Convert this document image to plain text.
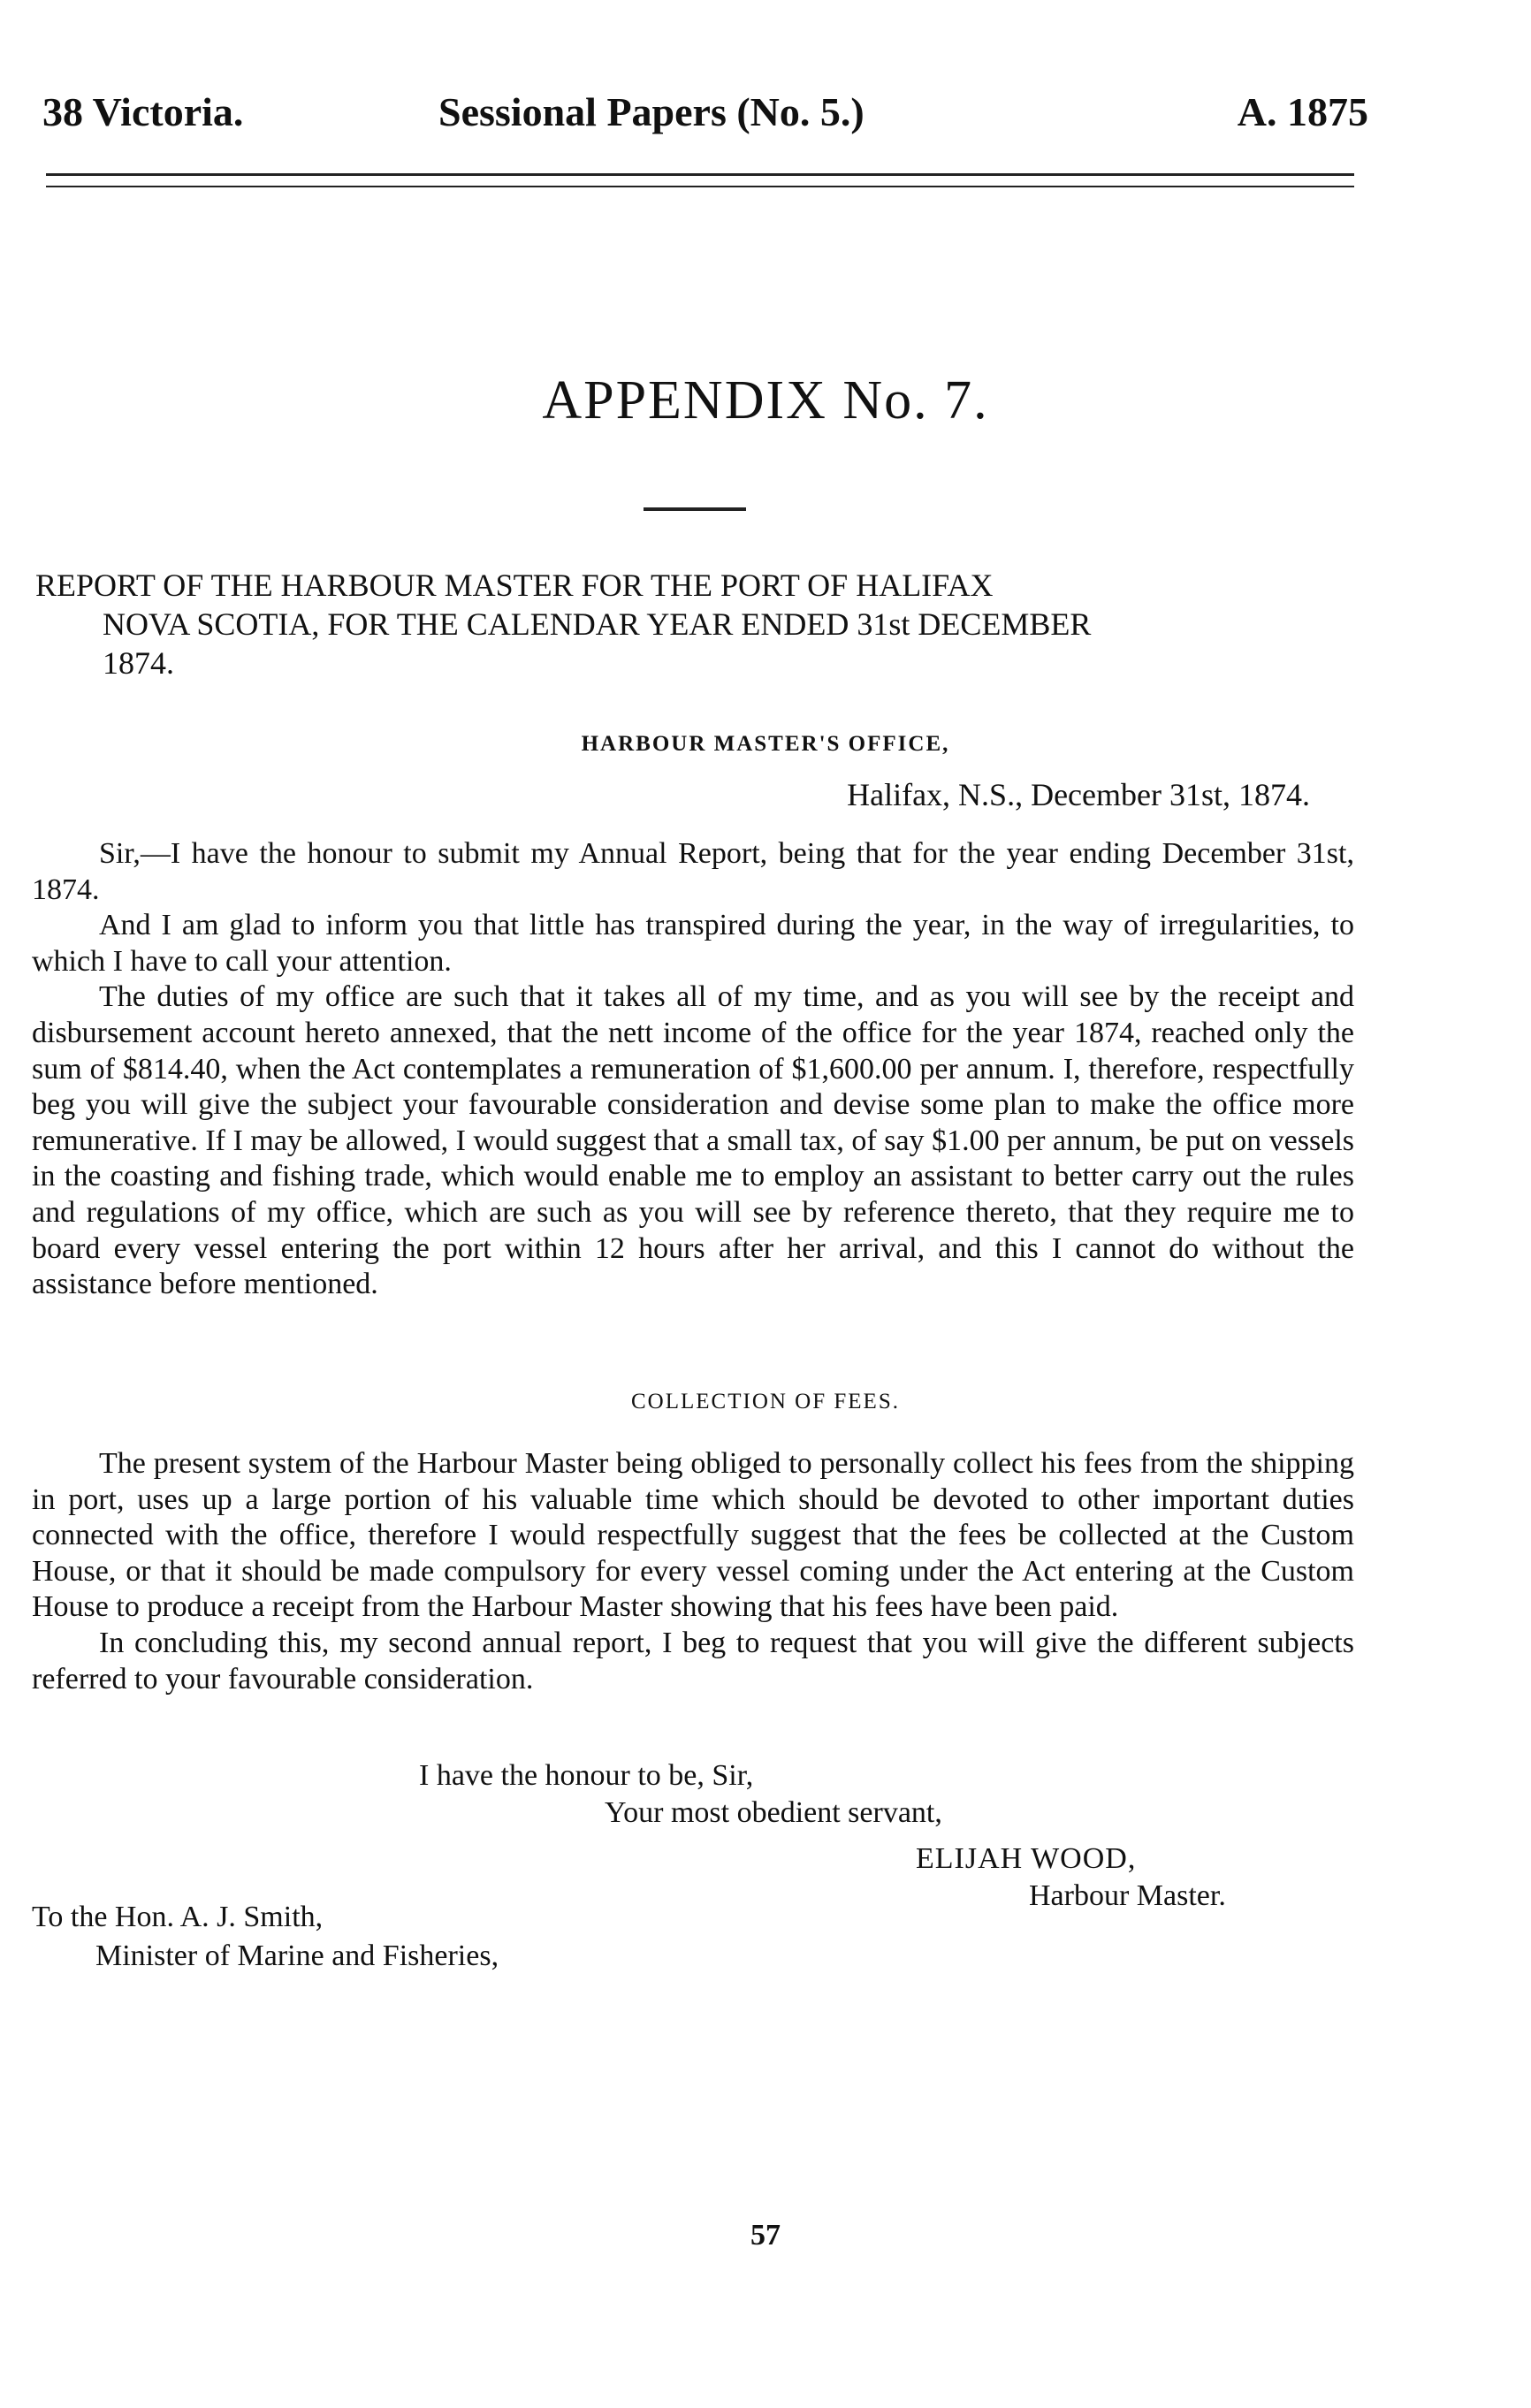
38 Victoria.	Sessional Papers (No. 5.)	A. 1875
APPENDIX No. 7.
REPORT OF THE HARBOUR MASTER FOR THE PORT OF HALIFAX
NOVA SCOTIA, FOR THE CALENDAR YEAR ENDED 31st DECEMBER
1874.
HARBOUR MASTER'S OFFICE,
Halifax, N.S., December 31st, 1874.

Sir,—I have the honour to submit my Annual Report, being that for the year ending December 31st, 1874.

And I am glad to inform you that little has transpired during the year, in the way of irregularities, to which I have to call your attention.

The duties of my office are such that it takes all of my time, and as you will see by the receipt and disbursement account hereto annexed, that the nett income of the office for the year 1874, reached only the sum of $814.40, when the Act contemplates a remuneration of $1,600.00 per annum. I, therefore, respectfully beg you will give the subject your favourable consideration and devise some plan to make the office more remunerative. If I may be allowed, I would suggest that a small tax, of say $1.00 per annum, be put on vessels in the coasting and fishing trade, which would enable me to employ an assistant to better carry out the rules and regulations of my office, which are such as you will see by reference thereto, that they require me to board every vessel entering the port within 12 hours after her arrival, and this I cannot do without the assistance before mentioned.

COLLECTION OF FEES.

The present system of the Harbour Master being obliged to personally collect his fees from the shipping in port, uses up a large portion of his valuable time which should be devoted to other important duties connected with the office, therefore I would respectfully suggest that the fees be collected at the Custom House, or that it should be made compulsory for every vessel coming under the Act entering at the Custom House to produce a receipt from the Harbour Master showing that his fees have been paid.

In concluding this, my second annual report, I beg to request that you will give the different subjects referred to your favourable consideration.

I have the honour to be, Sir,
Your most obedient servant,
ELIJAH WOOD,
Harbour Master.
To the Hon. A. J. Smith,
Minister of Marine and Fisheries,
57
